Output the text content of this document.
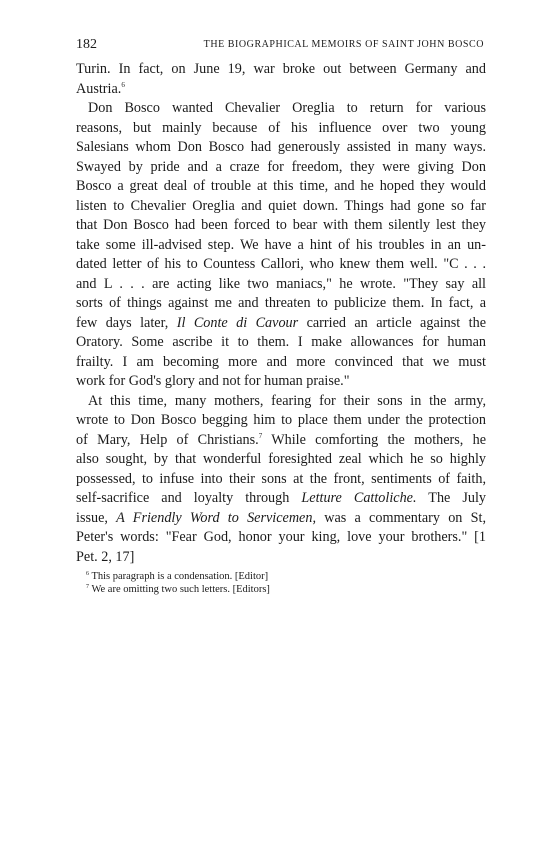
182	THE BIOGRAPHICAL MEMOIRS OF SAINT JOHN BOSCO
Turin. In fact, on June 19, war broke out between Germany and
Austria.$^6$
Don Bosco wanted Chevalier Oreglia to return for various
reasons, but mainly because of his influence over two young
Salesians whom Don Bosco had generously assisted in many ways.
Swayed by pride and a craze for freedom, they were giving Don
Bosco a great deal of trouble at this time, and he hoped they would
listen to Chevalier Oreglia and quiet down. Things had gone so far
that Don Bosco had been forced to bear with them silently lest they
take some ill-advised step. We have a hint of his troubles in an un-
dated letter of his to Countess Callori, who knew them well. "C . . .
and L . . . are acting like two maniacs," he wrote. "They say all
sorts of things against me and threaten to publicize them. In fact, a
few days later, Il Conte di Cavour carried an article against the
Oratory. Some ascribe it to them. I make allowances for human
frailty. I am becoming more and more convinced that we must
work for God's glory and not for human praise."
At this time, many mothers, fearing for their sons in the army,
wrote to Don Bosco begging him to place them under the protection
of Mary, Help of Christians.$^7$ While comforting the mothers, he
also sought, by that wonderful foresighted zeal which he so highly
possessed, to infuse into their sons at the front, sentiments of faith,
self-sacrifice and loyalty through Letture Cattoliche. The July
issue, A Friendly Word to Servicemen, was a commentary on St,
Peter's words: "Fear God, honor your king, love your brothers." [1
Pet. 2, 17]
$^6$ This paragraph is a condensation. [Editor]
$^7$ We are omitting two such letters. [Editors]
